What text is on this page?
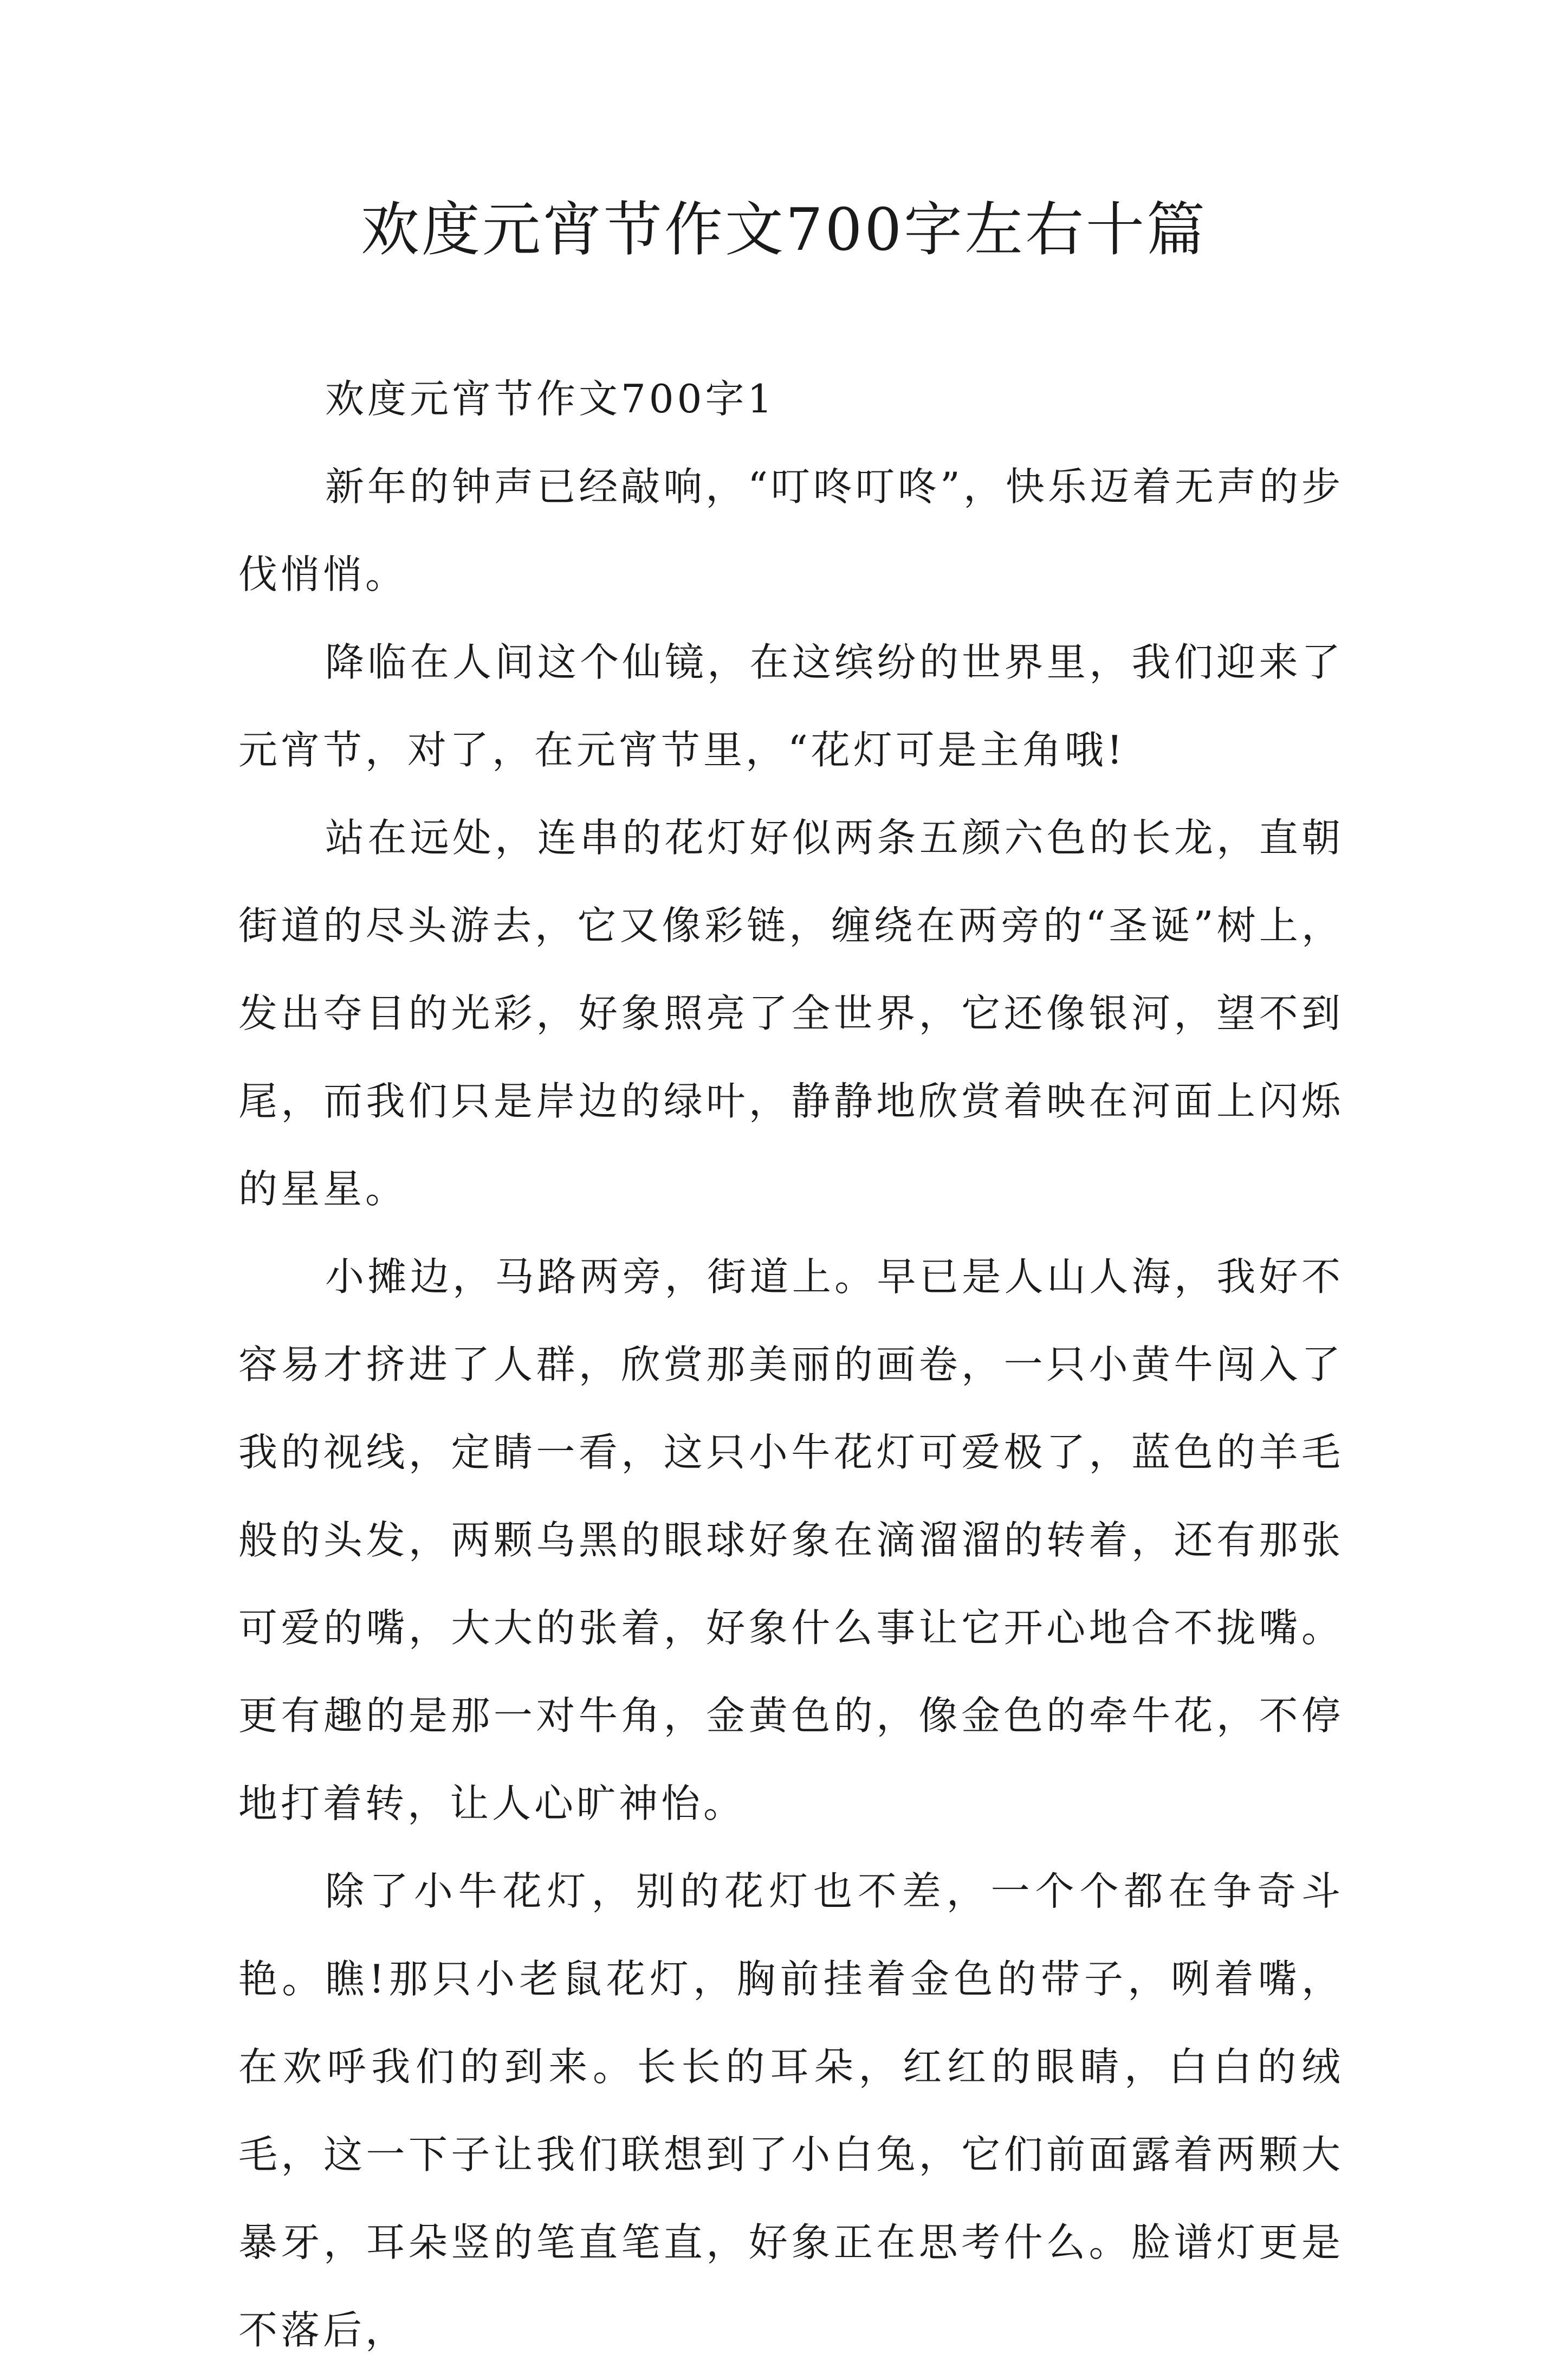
欢度元宵节作文700字左右十篇

欢度元宵节作文700字1

新年的钟声已经敲响，“叮咚叮咚”，快乐迈着无声的步伐悄悄。

降临在人间这个仙镜，在这缤纷的世界里，我们迎来了元宵节，对了，在元宵节里，“花灯可是主角哦!

站在远处，连串的花灯好似两条五颜六色的长龙，直朝街道的尽头游去，它又像彩链，缠绕在两旁的“圣诞”树上，发出夺目的光彩，好象照亮了全世界，它还像银河，望不到尾，而我们只是岸边的绿叶，静静地欣赏着映在河面上闪烁的星星。

小摊边，马路两旁，街道上。早已是人山人海，我好不容易才挤进了人群，欣赏那美丽的画卷，一只小黄牛闯入了我的视线，定睛一看，这只小牛花灯可爱极了，蓝色的羊毛般的头发，两颗乌黑的眼球好象在滴溜溜的转着，还有那张可爱的嘴，大大的张着，好象什么事让它开心地合不拢嘴。更有趣的是那一对牛角，金黄色的，像金色的牵牛花，不停地打着转，让人心旷神怡。

除了小牛花灯，别的花灯也不差，一个个都在争奇斗艳。瞧!那只小老鼠花灯，胸前挂着金色的带子，咧着嘴，在欢呼我们的到来。长长的耳朵，红红的眼睛，白白的绒毛，这一下子让我们联想到了小白兔，它们前面露着两颗大暴牙，耳朵竖的笔直笔直，好象正在思考什么。脸谱灯更是不落后，
